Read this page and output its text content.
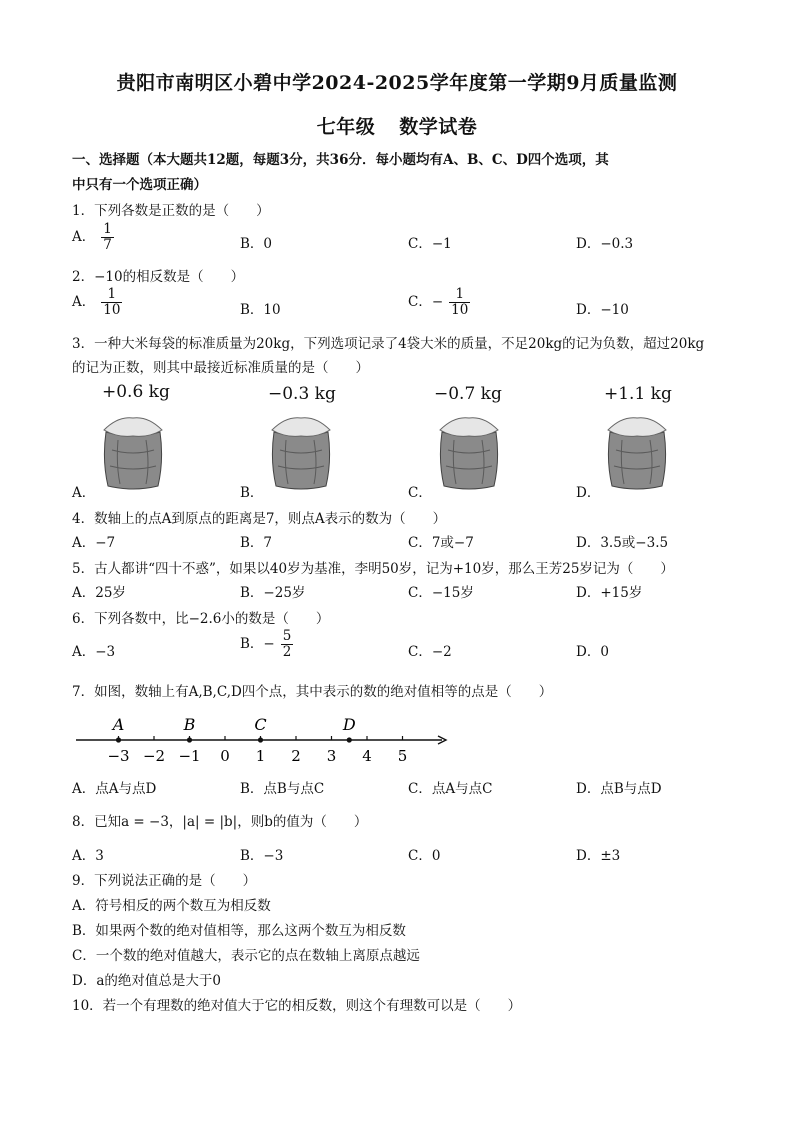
贵阳市南明区小碧中学2024-2025学年度第一学期9月质量监测
七年级 数学试卷
一、选择题（本大题共12题，每题3分，共36分．每小题均有A、B、C、D四个选项，其
中只有一个选项正确）
1．下列各数是正数的是（　　）
A． $\frac{1}{7}$	B．0	C．−1	D．−0.3
2．−10的相反数是（　　）
A． $\frac{1}{10}$	B．10
C．− $\frac{1}{10}$	D．−10
3．一种大米每袋的标准质量为20kg，下列选项记录了4袋大米的质量，不足20kg的记为负数，超过20kg
的记为正数，则其中最接近标准质量的是（　　）
+0.6 kg	−0.3 kg	−0.7 kg	+1.1 kg
A．	B．	C．	D．
4．数轴上的点A到原点的距离是7，则点A表示的数为（　　）
A．−7	B．7	C．7或−7	D．3.5或−3.5
5．古人都讲“四十不惑”，如果以40岁为基准，李明50岁，记为+10岁，那么王芳25岁记为（　　）
A．25岁	B．−25岁	C．−15岁	D．+15岁
6．下列各数中，比−2.6小的数是（　　）
A．−3
B．− $\frac{5}{2}$	C．−2	D．0
7．如图，数轴上有A,B,C,D四个点，其中表示的数的绝对值相等的点是（　　）
−3 −2 −1 0 1 2 3 4 5
A	B	C	D
A．点A与点D	B．点B与点C	C．点A与点C	D．点B与点D
8．已知a = −3，|a| = |b|，则b的值为（　　）
A．3	B．−3	C．0	D．±3
9．下列说法正确的是（　　）
A．符号相反的两个数互为相反数
B．如果两个数的绝对值相等，那么这两个数互为相反数
C．一个数的绝对值越大，表示它的点在数轴上离原点越远
D．a的绝对值总是大于0
10．若一个有理数的绝对值大于它的相反数，则这个有理数可以是（　　）
